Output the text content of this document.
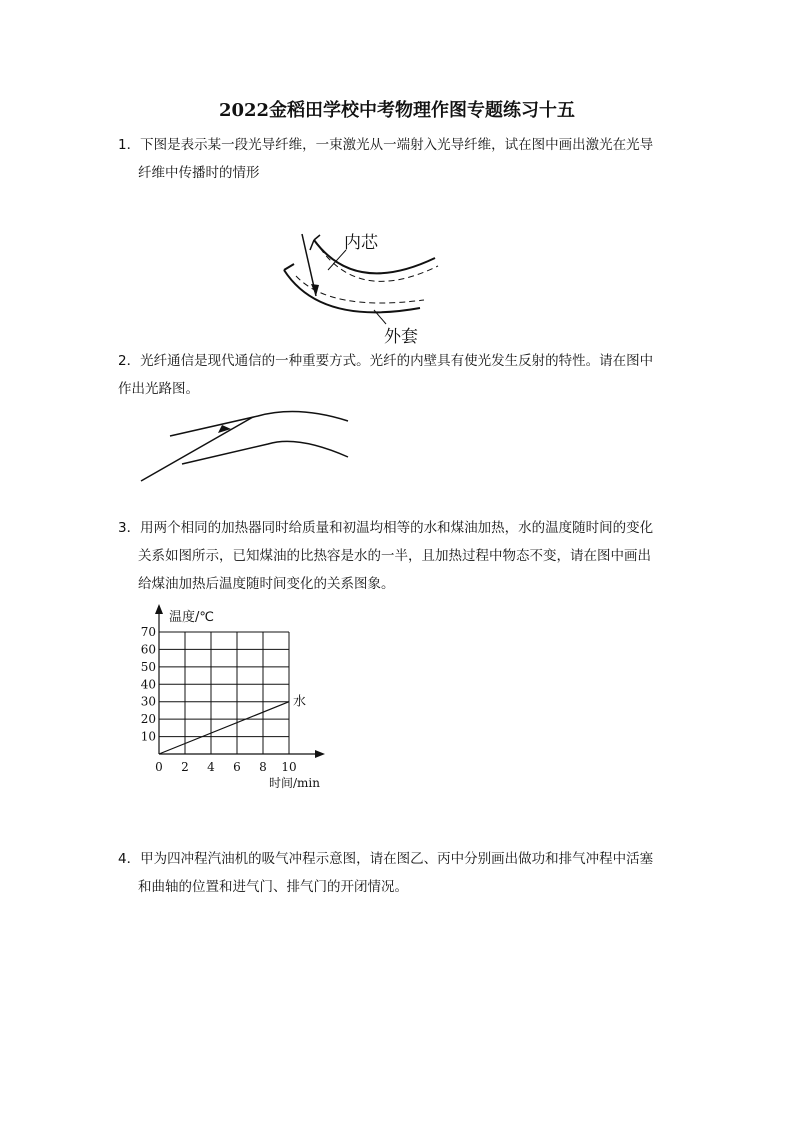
2022金稻田学校中考物理作图专题练习十五
1．下图是表示某一段光导纤维，一束激光从一端射入光导纤维，试在图中画出激光在光导
纤维中传播时的情形
内芯
外套
2．光纤通信是现代通信的一种重要方式。光纤的内壁具有使光发生反射的特性。请在图中
作出光路图。
3．用两个相同的加热器同时给质量和初温均相等的水和煤油加热，水的温度随时间的变化
关系如图所示，已知煤油的比热容是水的一半，且加热过程中物态不变，请在图中画出
给煤油加热后温度随时间变化的关系图象。
0 2 4 6 8 10
10
20
30
40
50
60
70
水
温度/℃
时间/min
4．甲为四冲程汽油机的吸气冲程示意图，请在图乙、丙中分别画出做功和排气冲程中活塞
和曲轴的位置和进气门、排气门的开闭情况。
